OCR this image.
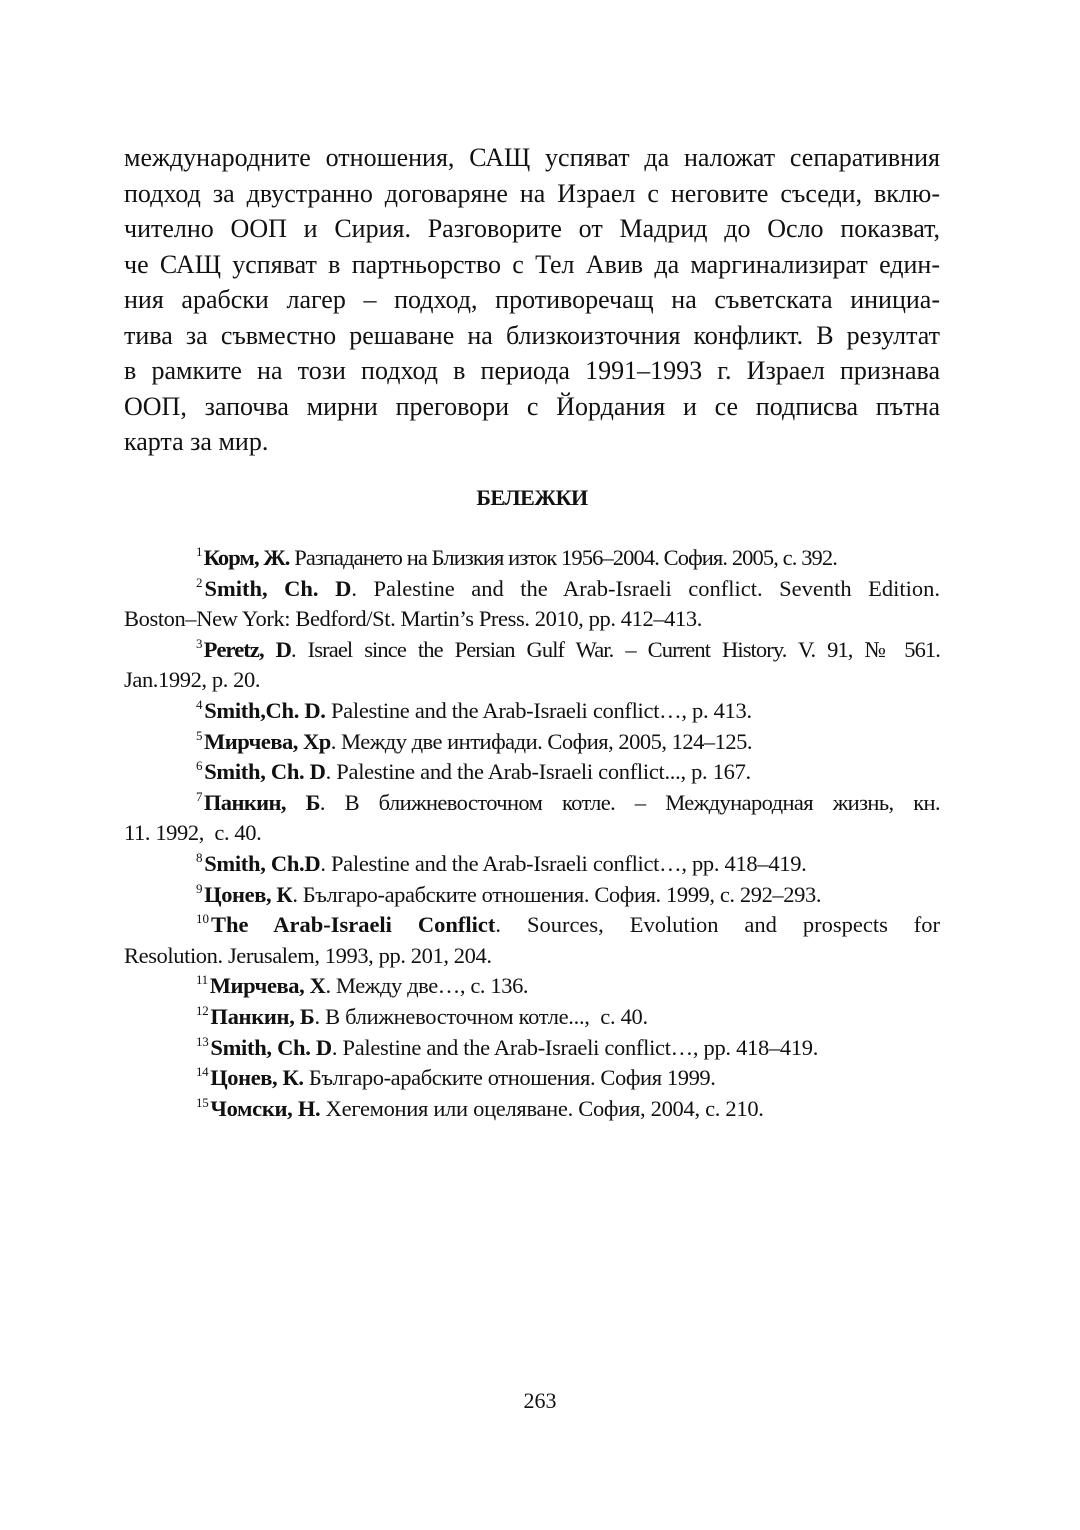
международните отношения, САЩ успяват да наложат сепаративния
подход за двустранно договаряне на Израел с неговите съседи, вклю-
чително ООП и Сирия. Разговорите от Мадрид до Осло показват,
че САЩ успяват в партньорство с Тел Авив да маргинализират един-
ния арабски лагер – подход, противоречащ на съветската инициа-
тива за съвместно решаване на близкоизточния конфликт. В резултат
в рамките на този подход в периода 1991–1993 г. Израел признава
ООП, започва мирни преговори с Йордания и се подписва пътна
карта за мир.
БЕЛЕЖКИ
$^1$Корм, Ж. Разпадането на Близкия изток 1956–2004. София. 2005, с. 392.
$^2$Smith, Ch. D. Palestine and the Arab-Israeli conflict. Seventh Edition.
Boston–New York: Bedford/St. Martin’s Press. 2010, pp. 412–413.
$^3$Peretz, D. Israel since the Persian Gulf War. – Current History. V. 91, № 561.
Jan.1992, p. 20.
$^4$Smith,Ch. D. Palestine and the Arab-Israeli conflict…, p. 413.
$^5$Мирчева, Хр. Между две интифади. София, 2005, 124–125.
$^6$Smith, Ch. D. Palestine and the Arab-Israeli conflict..., p. 167.
$^7$Панкин, Б. В ближневосточном котле. – Международная жизнь, кн.
11. 1992,  с. 40.
$^8$Smith, Ch.D. Palestine and the Arab-Israeli conflict…, pp. 418–419.
$^9$Цонев, К. Българо-арабските отношения. София. 1999, с. 292–293.
$^{10}$The Arab-Israeli Conflict. Sources, Evolution and prospects for
Resolution. Jerusalem, 1993, pp. 201, 204.
$^{11}$Мирчева, Х. Между две…, с. 136.
$^{12}$Панкин, Б. В ближневосточном котле...,  с. 40.
$^{13}$Smith, Ch. D. Palestine and the Arab-Israeli conflict…, pp. 418–419.
$^{14}$Цонев, К. Българо-арабските отношения. София 1999.
$^{15}$Чомски, Н. Хегемония или оцеляване. София, 2004, с. 210.
263
